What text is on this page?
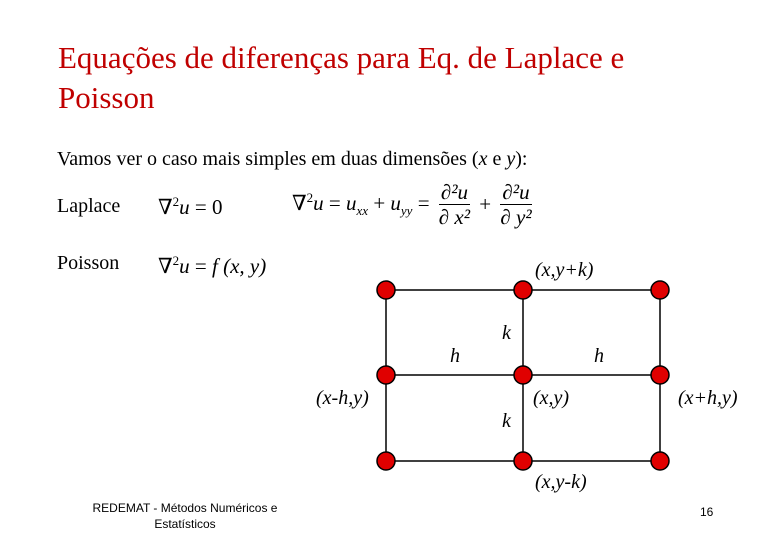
Equações de diferenças para Eq. de Laplace e Poisson
Vamos ver o caso mais simples em duas dimensões (x e y):
Laplace ∇$^2$u = 0	$\nabla^2u = u_{xx} + u_{yy} = \frac{\text{∂²u}}{\text{∂ x²}} + \frac{\text{∂²u}}{\text{∂ y²}}$
Poisson ∇$^2$u = f (x, y)	(x,y+k)
(x-h,y)	(x,y)	(x+h,y)
(x,y-k)
h	h
k
k
REDEMAT - Métodos Numéricos e Estatísticos
16
